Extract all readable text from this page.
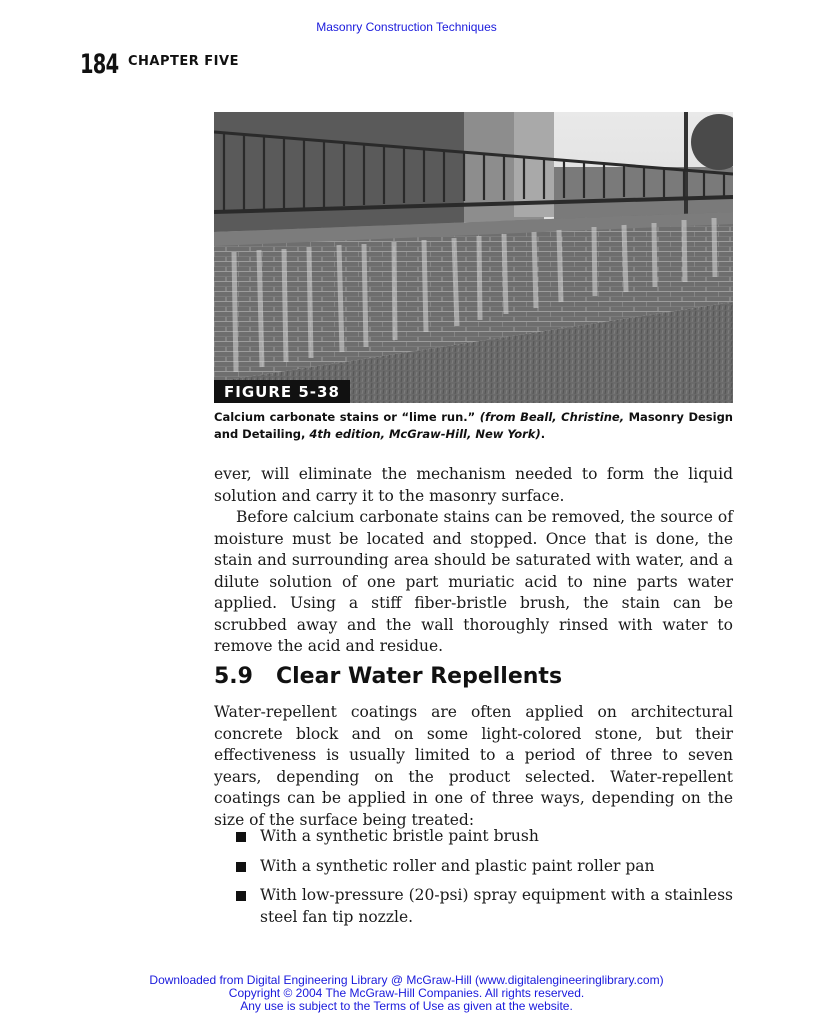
Masonry Construction Techniques
184 CHAPTER FIVE
FIGURE 5-38
Calcium carbonate stains or “lime run.” (from Beall, Christine, Masonry Design and Detailing, 4th edition, McGraw-Hill, New York).

ever, will eliminate the mechanism needed to form the liquid solution and carry it to the masonry surface.

Before calcium carbonate stains can be removed, the source of moisture must be located and stopped. Once that is done, the stain and surrounding area should be saturated with water, and a dilute solution of one part muriatic acid to nine parts water applied. Using a stiff fiber-bristle brush, the stain can be scrubbed away and the wall thoroughly rinsed with water to remove the acid and residue.

5.9 Clear Water Repellents

Water-repellent coatings are often applied on architectural concrete block and on some light-colored stone, but their effectiveness is usually limited to a period of three to seven years, depending on the product selected. Water-repellent coatings can be applied in one of three ways, depending on the size of the surface being treated:

With a synthetic bristle paint brush
With a synthetic roller and plastic paint roller pan
With low-pressure (20-psi) spray equipment with a stainless steel fan tip nozzle.
Downloaded from Digital Engineering Library @ McGraw-Hill (www.digitalengineeringlibrary.com)
Copyright © 2004 The McGraw-Hill Companies. All rights reserved.
Any use is subject to the Terms of Use as given at the website.
